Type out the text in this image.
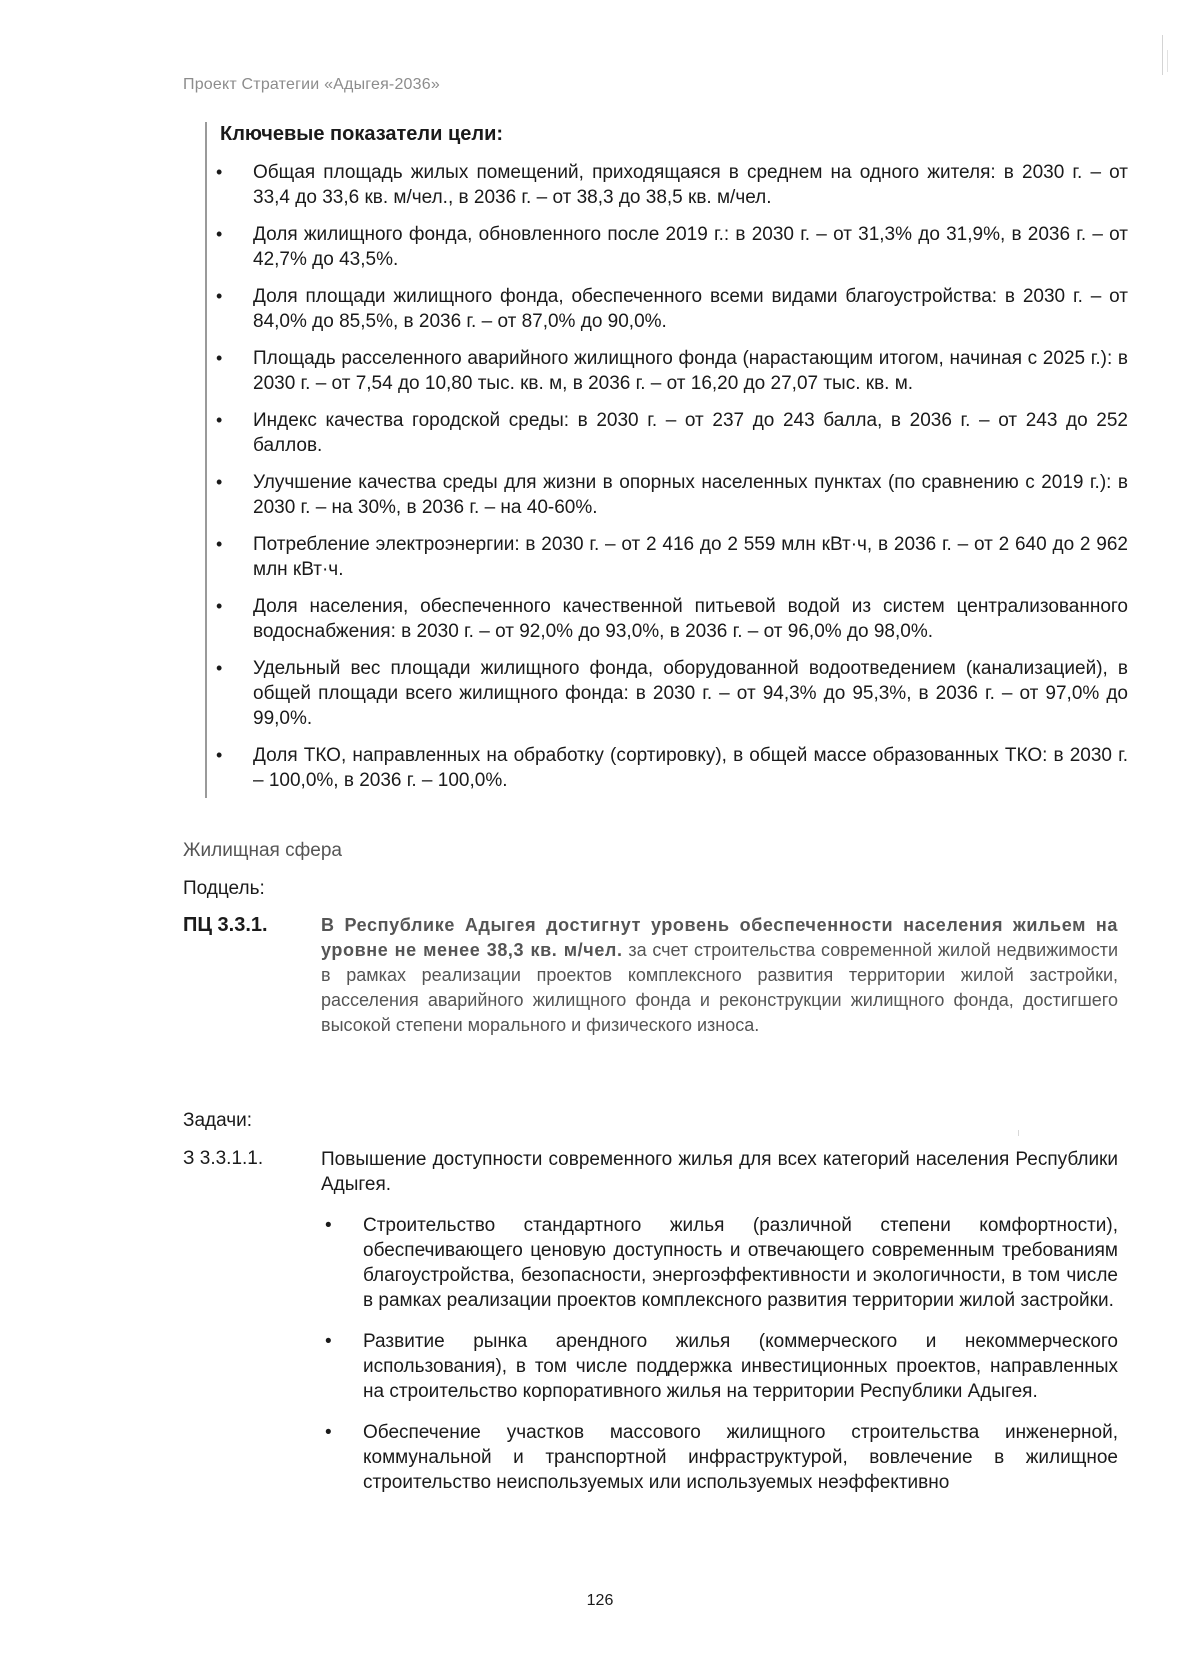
Проект Стратегии «Адыгея-2036»
Ключевые показатели цели:
• Общая площадь жилых помещений, приходящаяся в среднем на одного жителя: в 2030 г. – от 33,4 до 33,6 кв. м/чел., в 2036 г. – от 38,3 до 38,5 кв. м/чел.
• Доля жилищного фонда, обновленного после 2019 г.: в 2030 г. – от 31,3% до 31,9%, в 2036 г. – от 42,7% до 43,5%.
• Доля площади жилищного фонда, обеспеченного всеми видами благоустройства: в 2030 г. – от 84,0% до 85,5%, в 2036 г. – от 87,0% до 90,0%.
• Площадь расселенного аварийного жилищного фонда (нарастающим итогом, начиная с 2025 г.): в 2030 г. – от 7,54 до 10,80 тыс. кв. м, в 2036 г. – от 16,20 до 27,07 тыс. кв. м.
• Индекс качества городской среды: в 2030 г. – от 237 до 243 балла, в 2036 г. – от 243 до 252 баллов.
• Улучшение качества среды для жизни в опорных населенных пунктах (по сравнению с 2019 г.): в 2030 г. – на 30%, в 2036 г. – на 40-60%.
• Потребление электроэнергии: в 2030 г. – от 2 416 до 2 559 млн кВт·ч, в 2036 г. – от 2 640 до 2 962 млн кВт·ч.
• Доля населения, обеспеченного качественной питьевой водой из систем централизованного водоснабжения: в 2030 г. – от 92,0% до 93,0%, в 2036 г. – от 96,0% до 98,0%.
• Удельный вес площади жилищного фонда, оборудованной водоотведением (канализацией), в общей площади всего жилищного фонда: в 2030 г. – от 94,3% до 95,3%, в 2036 г. – от 97,0% до 99,0%.
• Доля ТКО, направленных на обработку (сортировку), в общей массе образованных ТКО: в 2030 г. – 100,0%, в 2036 г. – 100,0%.
Жилищная сфера
Подцель:
ПЦ 3.3.1.	В Республике Адыгея достигнут уровень обеспеченности населения жильем на уровне не менее 38,3 кв. м/чел. за счет строительства современной жилой недвижимости в рамках реализации проектов комплексного развития территории жилой застройки, расселения аварийного жилищного фонда и реконструкции жилищного фонда, достигшего высокой степени морального и физического износа.
Задачи:
З 3.3.1.1.	Повышение доступности современного жилья для всех категорий населения Республики Адыгея.
• Строительство стандартного жилья (различной степени комфортности), обеспечивающего ценовую доступность и отвечающего современным требованиям благоустройства, безопасности, энергоэффективности и экологичности, в том числе в рамках реализации проектов комплексного развития территории жилой застройки.
• Развитие рынка арендного жилья (коммерческого и некоммерческого использования), в том числе поддержка инвестиционных проектов, направленных на строительство корпоративного жилья на территории Республики Адыгея.
• Обеспечение участков массового жилищного строительства инженерной, коммунальной и транспортной инфраструктурой, вовлечение в жилищное строительство неиспользуемых или используемых неэффективно
126
